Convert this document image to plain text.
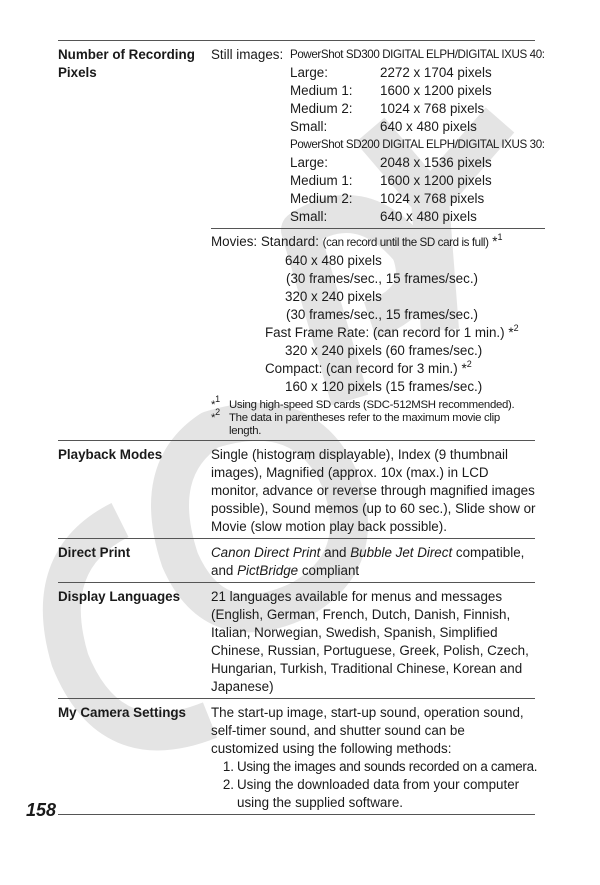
Number of Recording
Pixels
Still images: PowerShot SD300 DIGITAL ELPH/DIGITAL IXUS 40:
Large:	2272 x 1704 pixels
Medium 1:	1600 x 1200 pixels
Medium 2:	1024 x 768 pixels
Small:	640 x 480 pixels
PowerShot SD200 DIGITAL ELPH/DIGITAL IXUS 30:
Large:	2048 x 1536 pixels
Medium 1:	1600 x 1200 pixels
Medium 2:	1024 x 768 pixels
Small:	640 x 480 pixels
Movies: Standard: (can record until the SD card is full) *$^1$
640 x 480 pixels
(30 frames/sec., 15 frames/sec.)
320 x 240 pixels
(30 frames/sec., 15 frames/sec.)
Fast Frame Rate: (can record for 1 min.) *$^2$
320 x 240 pixels (60 frames/sec.)
Compact: (can record for 3 min.) *$^2$
160 x 120 pixels (15 frames/sec.)
*$^1$ Using high-speed SD cards (SDC-512MSH recommended).
*$^2$ The data in parentheses refer to the maximum movie clip
length.
Playback Modes	Single (histogram displayable), Index (9 thumbnail
images), Magnified (approx. 10x (max.) in LCD
monitor, advance or reverse through magnified images
possible), Sound memos (up to 60 sec.), Slide show or
Movie (slow motion play back possible).
Direct Print	Canon Direct Print and Bubble Jet Direct compatible,
and PictBridge compliant
Display Languages	21 languages available for menus and messages
(English, German, French, Dutch, Danish, Finnish,
Italian, Norwegian, Swedish, Spanish, Simplified
Chinese, Russian, Portuguese, Greek, Polish, Czech,
Hungarian, Turkish, Traditional Chinese, Korean and
Japanese)
My Camera Settings	The start-up image, start-up sound, operation sound,
self-timer sound, and shutter sound can be
customized using the following methods:
1. Using the images and sounds recorded on a camera.
2. Using the downloaded data from your computer
using the supplied software.
158
